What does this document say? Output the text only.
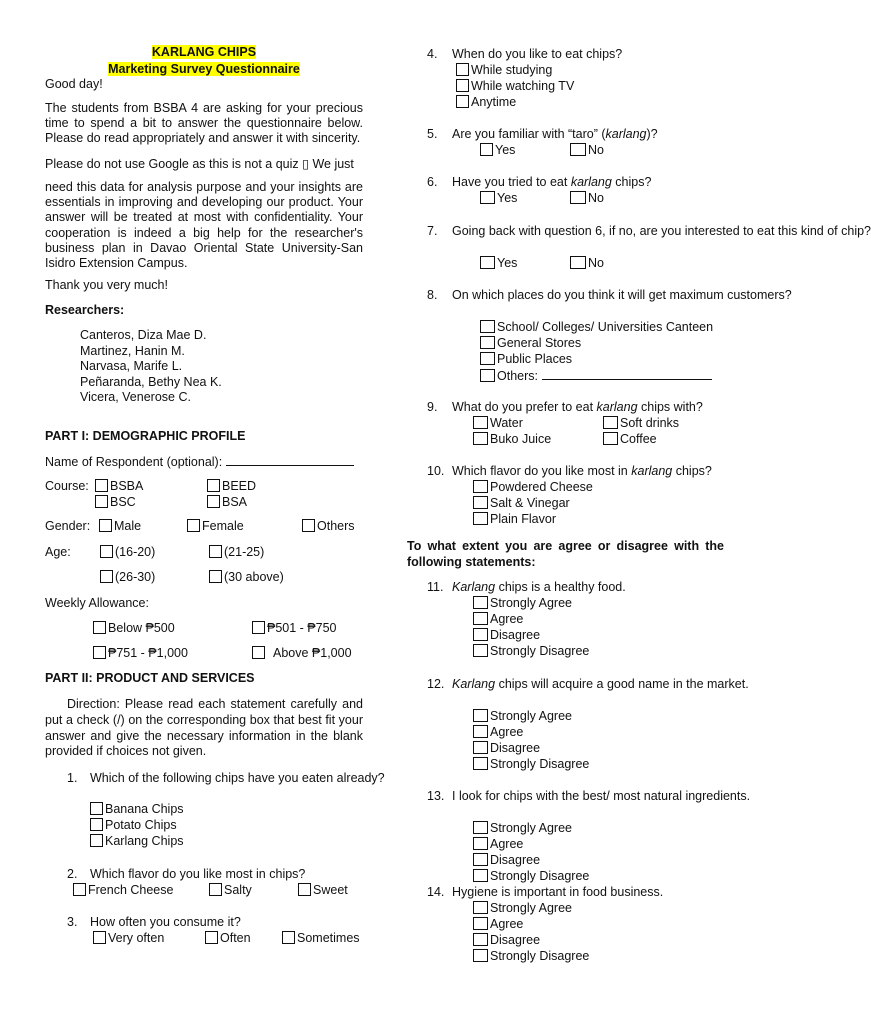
KARLANG CHIPS
Marketing Survey Questionnaire
Good day!
The students from BSBA 4 are asking for your precious time to spend a bit to answer the questionnaire below. Please do read appropriately and answer it with sincerity.
Please do not use Google as this is not a quiz ▯ We just
need this data for analysis purpose and your insights are essentials in improving and developing our product. Your answer will be treated at most with confidentiality. Your cooperation is indeed a big help for the researcher's business plan in Davao Oriental State University-San Isidro Extension Campus.
Thank you very much!
Researchers:
Canteros, Diza Mae D.
Martinez, Hanin M.
Narvasa, Marife L.
Peñaranda, Bethy Nea K.
Vicera, Venerose C.
PART I: DEMOGRAPHIC PROFILE
Name of Respondent (optional):
Course:	BSBA	BEED
BSC	BSA
Gender:	Male	Female	Others
Age:	(16-20)	(21-25)
(26-30)	(30 above)
Weekly Allowance:
Below ₱500	₱501 - ₱750
₱751 - ₱1,000	Above ₱1,000
PART II: PRODUCT AND SERVICES
Direction: Please read each statement carefully and put a check (/) on the corresponding box that best fit your answer and give the necessary information in the blank provided if choices not given.
1. Which of the following chips have you eaten already?
Banana Chips
Potato Chips
Karlang Chips
2. Which flavor do you like most in chips?
French Cheese	Salty	Sweet
3. How often you consume it?
Very often	Often	Sometimes
4. When do you like to eat chips?
While studying
While watching TV
Anytime
5. Are you familiar with “taro” (karlang)?
Yes	No
6. Have you tried to eat karlang chips?
Yes	No
7. Going back with question 6, if no, are you interested to eat this kind of chip?
Yes	No
8. On which places do you think it will get maximum customers?
School/ Colleges/ Universities Canteen
General Stores
Public Places
Others:
9. What do you prefer to eat karlang chips with?
Water	Soft drinks
Buko Juice	Coffee
10. Which flavor do you like most in karlang chips?
Powdered Cheese
Salt & Vinegar
Plain Flavor
To what extent you are agree or disagree with the following statements:
11. Karlang chips is a healthy food.
Strongly Agree
Agree
Disagree
Strongly Disagree
12. Karlang chips will acquire a good name in the market.
Strongly Agree
Agree
Disagree
Strongly Disagree
13. I look for chips with the best/ most natural ingredients.
Strongly Agree
Agree
Disagree
Strongly Disagree
14. Hygiene is important in food business.
Strongly Agree
Agree
Disagree
Strongly Disagree
